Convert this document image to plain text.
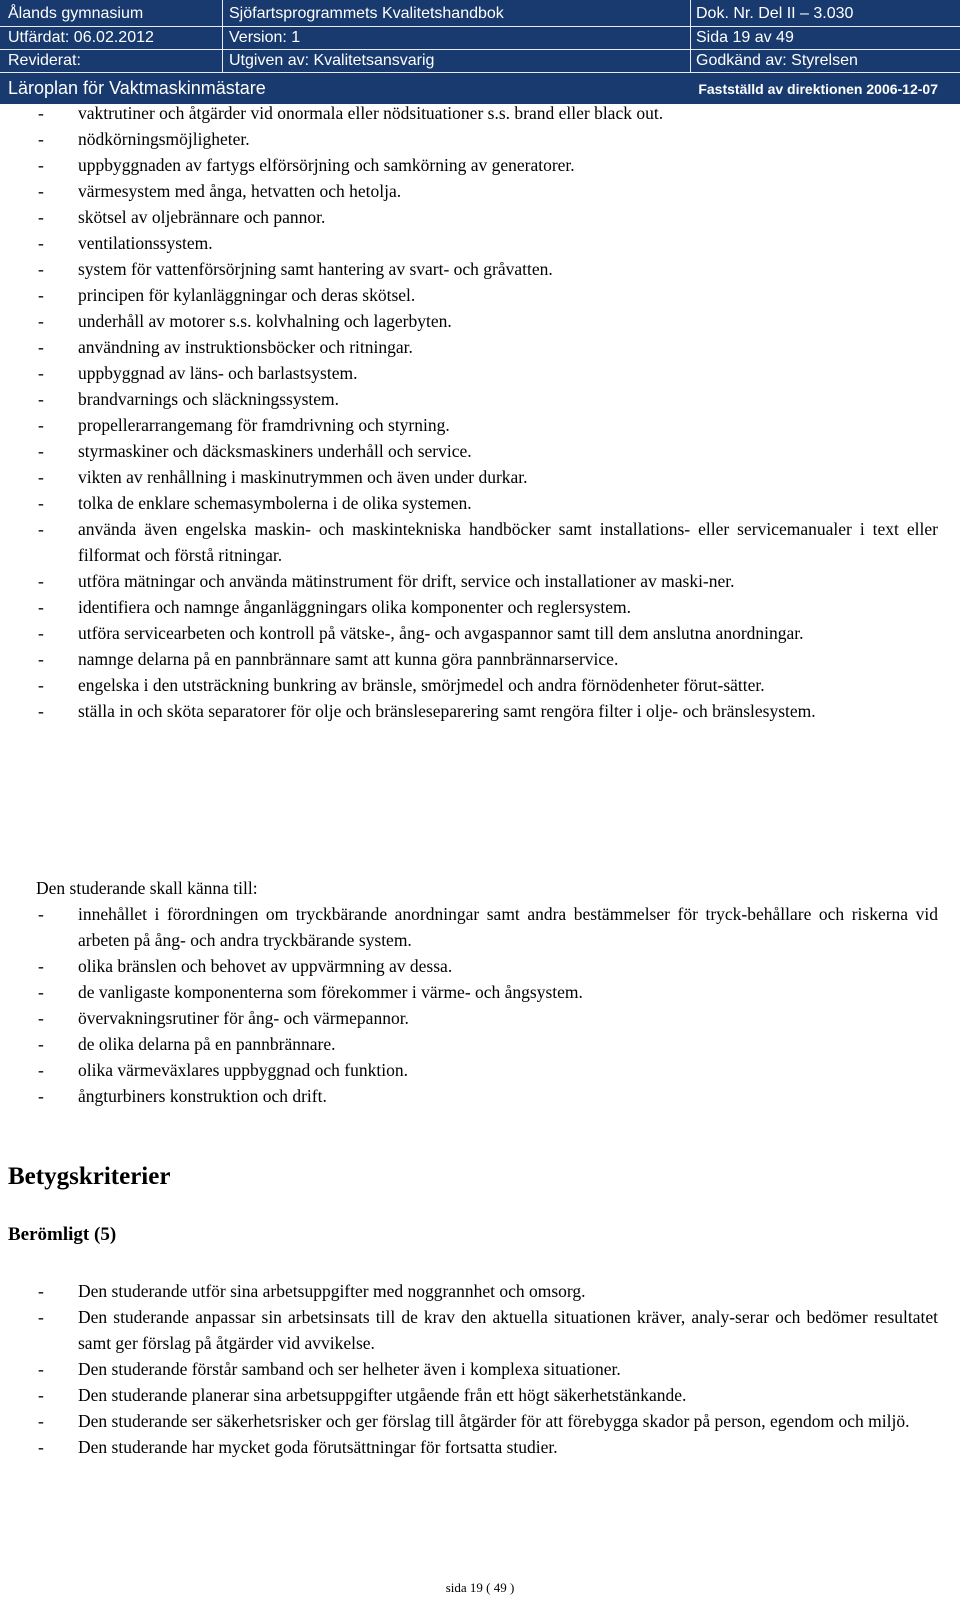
Ålands gymnasium	Sjöfartsprogrammets Kvalitetshandbok	Dok. Nr. Del II – 3.030
Utfärdat: 06.02.2012	Version: 1	Sida 19 av 49
Reviderat:	Utgiven av: Kvalitetsansvarig	Godkänd av: Styrelsen
Läroplan för Vaktmaskinmästare	Fastställd av direktionen 2006-12-07
- vaktrutiner och åtgärder vid onormala eller nödsituationer s.s. brand eller black out.
- nödkörningsmöjligheter.
- uppbyggnaden av fartygs elförsörjning och samkörning av generatorer.
- värmesystem med ånga, hetvatten och hetolja.
- skötsel av oljebrännare och pannor.
- ventilationssystem.
- system för vattenförsörjning samt hantering av svart- och gråvatten.
- principen för kylanläggningar och deras skötsel.
- underhåll av motorer s.s. kolvhalning och lagerbyten.
- användning av instruktionsböcker och ritningar.
- uppbyggnad av läns- och barlastsystem.
- brandvarnings och släckningssystem.
- propellerarrangemang för framdrivning och styrning.
- styrmaskiner och däcksmaskiners underhåll och service.
- vikten av renhållning i maskinutrymmen och även under durkar.
- tolka de enklare schemasymbolerna i de olika systemen.
- använda även engelska maskin- och maskintekniska handböcker samt installations- eller servicemanualer i text eller filformat och förstå ritningar.
- utföra mätningar och använda mätinstrument för drift, service och installationer av maski-ner.
- identifiera och namnge ånganläggningars olika komponenter och reglersystem.
- utföra servicearbeten och kontroll på vätske-, ång- och avgaspannor samt till dem anslutna anordningar.
- namnge delarna på en pannbrännare samt att kunna göra pannbrännarservice.
- engelska i den utsträckning bunkring av bränsle, smörjmedel och andra förnödenheter förut-sätter.
- ställa in och sköta separatorer för olje och bränsleseparering samt rengöra filter i olje- och bränslesystem.
Den studerande skall känna till:
- innehållet i förordningen om tryckbärande anordningar samt andra bestämmelser för tryck-behållare och riskerna vid arbeten på ång- och andra tryckbärande system.
- olika bränslen och behovet av uppvärmning av dessa.
- de vanligaste komponenterna som förekommer i värme- och ångsystem.
- övervakningsrutiner för ång- och värmepannor.
- de olika delarna på en pannbrännare.
- olika värmeväxlares uppbyggnad och funktion.
- ångturbiners konstruktion och drift.
Betygskriterier
Berömligt (5)
- Den studerande utför sina arbetsuppgifter med noggrannhet och omsorg.
- Den studerande anpassar sin arbetsinsats till de krav den aktuella situationen kräver, analy-serar och bedömer resultatet samt ger förslag på åtgärder vid avvikelse.
- Den studerande förstår samband och ser helheter även i komplexa situationer.
- Den studerande planerar sina arbetsuppgifter utgående från ett högt säkerhetstänkande.
- Den studerande ser säkerhetsrisker och ger förslag till åtgärder för att förebygga skador på person, egendom och miljö.
- Den studerande har mycket goda förutsättningar för fortsatta studier.
sida 19 ( 49 )
